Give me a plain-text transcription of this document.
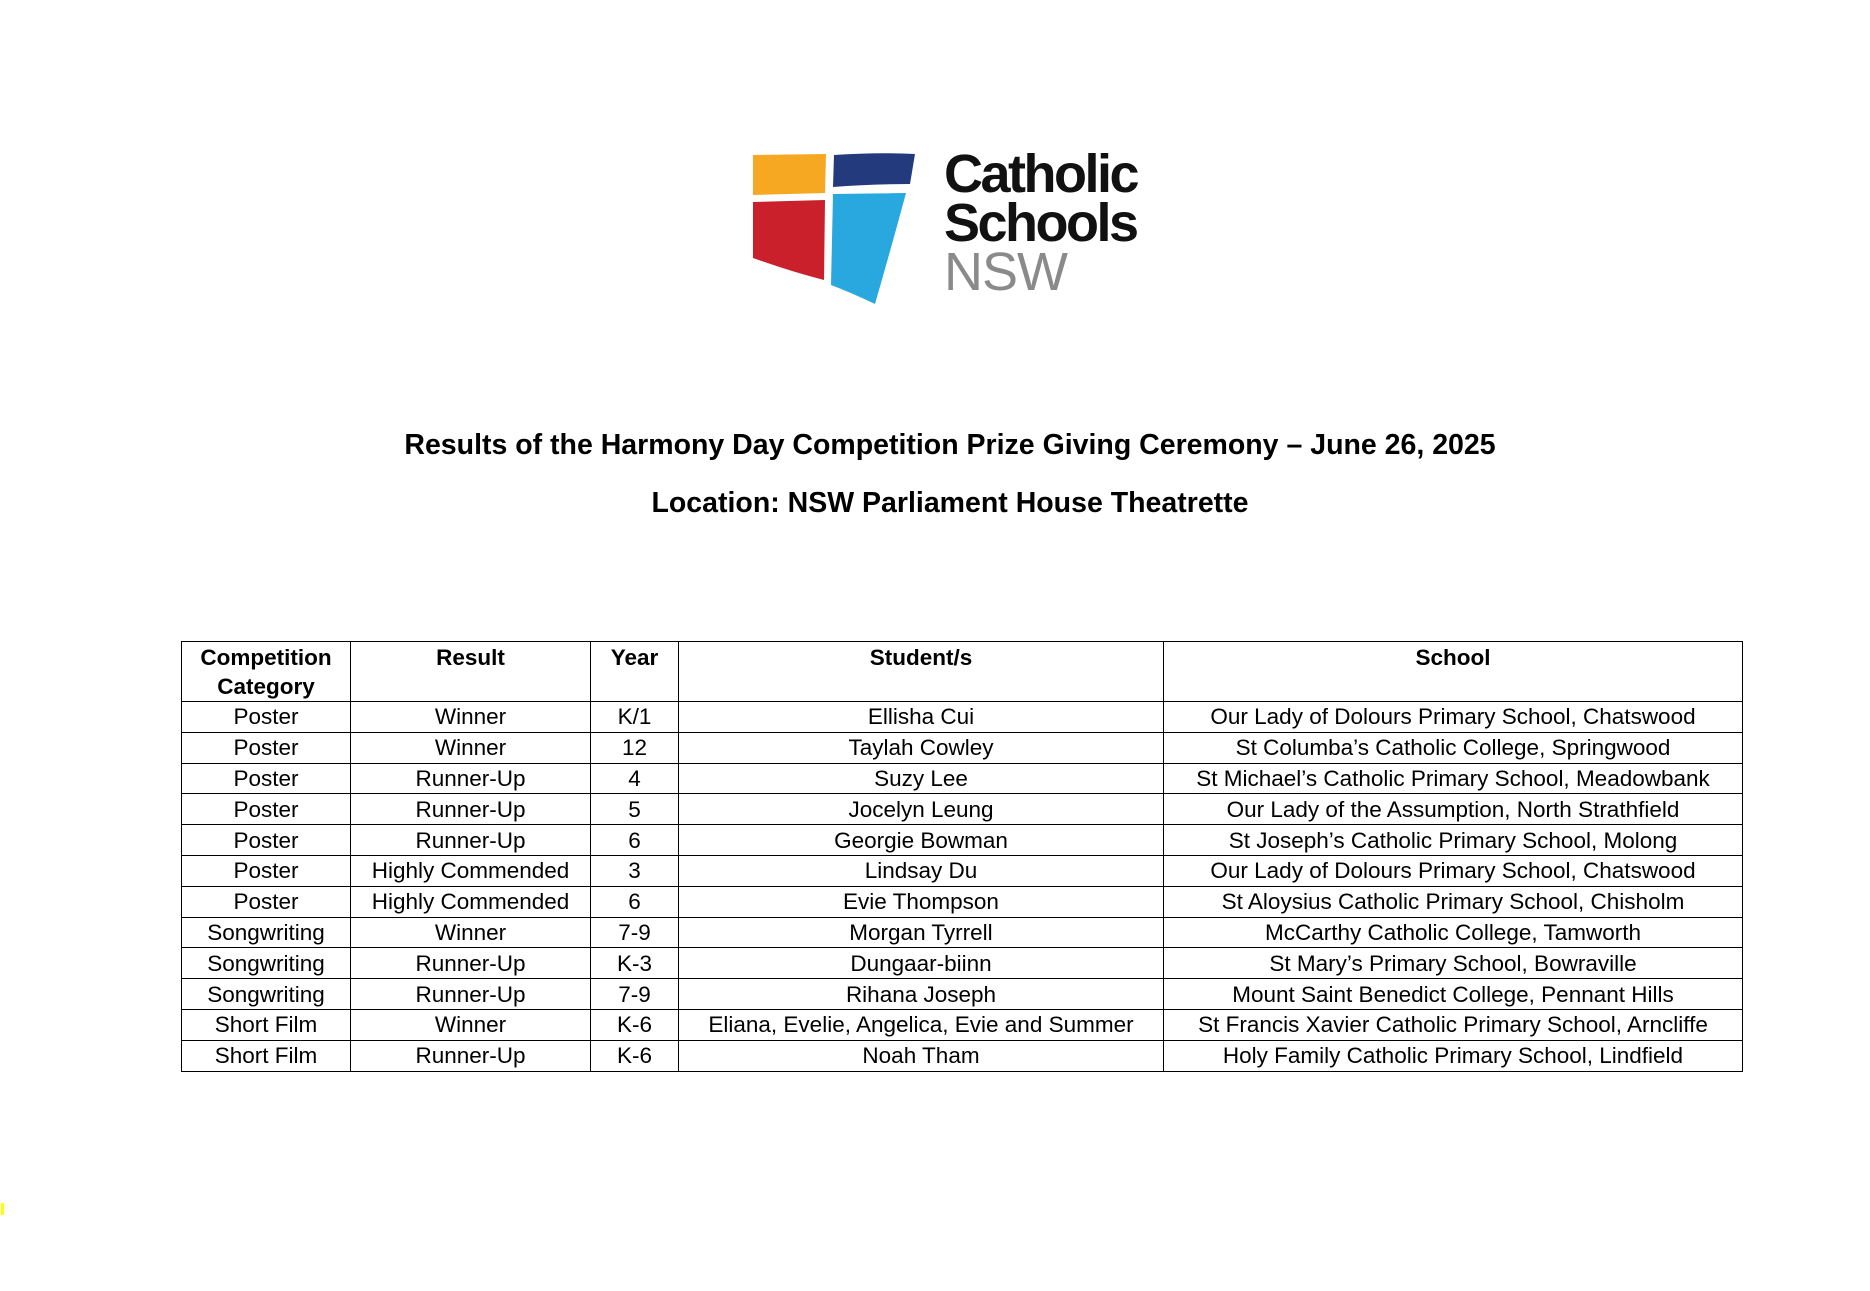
Catholic
Schools
NSW
Results of the Harmony Day Competition Prize Giving Ceremony – June 26, 2025
Location: NSW Parliament House Theatrette
Competition Category	Result	Year	Student/s	School
Poster	Winner	K/1	Ellisha Cui	Our Lady of Dolours Primary School, Chatswood
Poster	Winner	12	Taylah Cowley	St Columba’s Catholic College, Springwood
Poster	Runner-Up	4	Suzy Lee	St Michael’s Catholic Primary School, Meadowbank
Poster	Runner-Up	5	Jocelyn Leung	Our Lady of the Assumption, North Strathfield
Poster	Runner-Up	6	Georgie Bowman	St Joseph’s Catholic Primary School, Molong
Poster	Highly Commended	3	Lindsay Du	Our Lady of Dolours Primary School, Chatswood
Poster	Highly Commended	6	Evie Thompson	St Aloysius Catholic Primary School, Chisholm
Songwriting	Winner	7-9	Morgan Tyrrell	McCarthy Catholic College, Tamworth
Songwriting	Runner-Up	K-3	Dungaar-biinn	St Mary’s Primary School, Bowraville
Songwriting	Runner-Up	7-9	Rihana Joseph	Mount Saint Benedict College, Pennant Hills
Short Film	Winner	K-6	Eliana, Evelie, Angelica, Evie and Summer	St Francis Xavier Catholic Primary School, Arncliffe
Short Film	Runner-Up	K-6	Noah Tham	Holy Family Catholic Primary School, Lindfield
